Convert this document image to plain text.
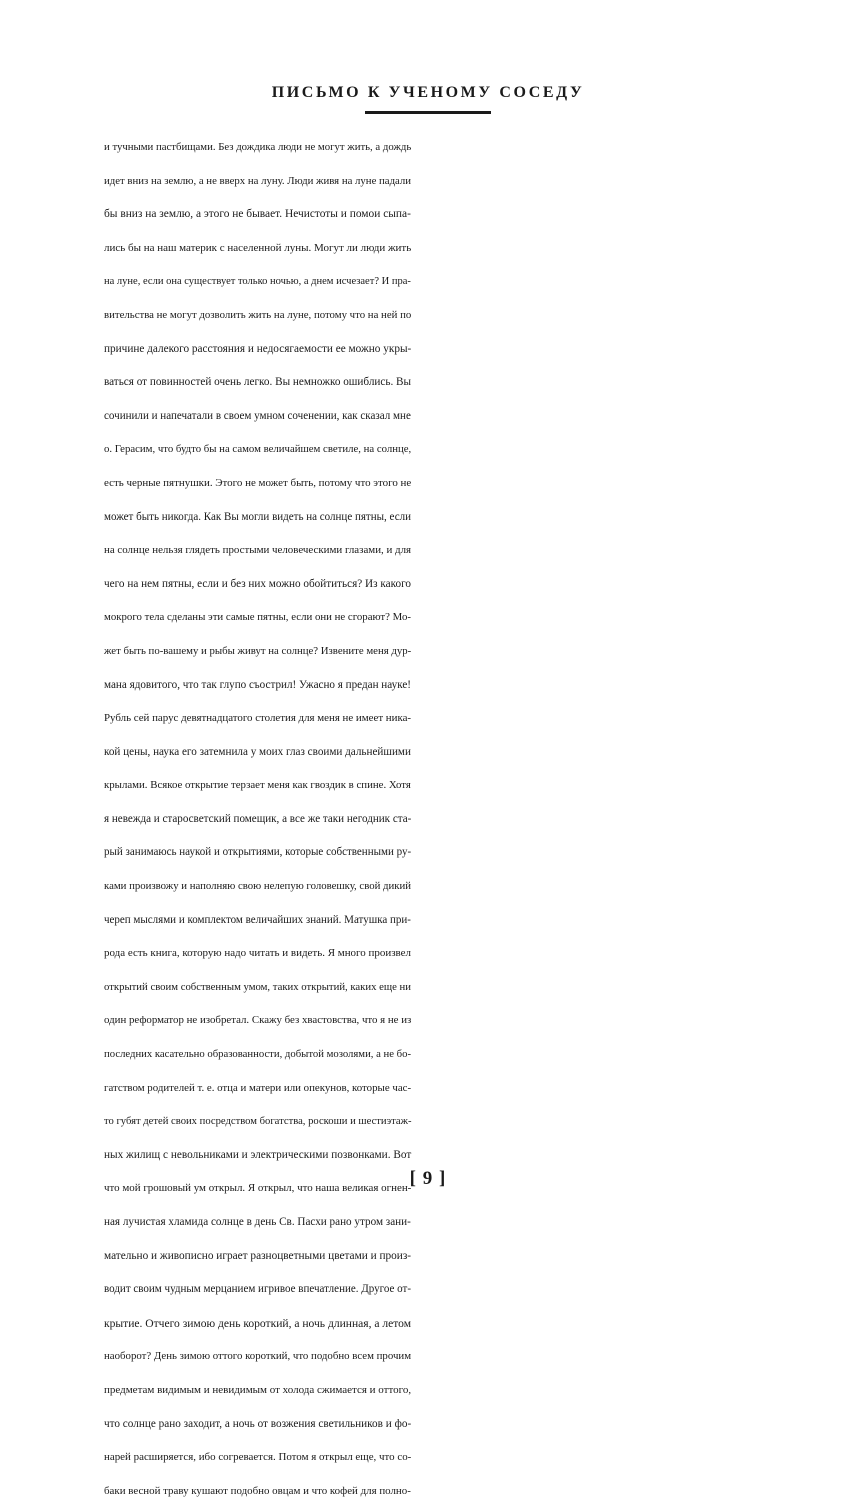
ПИСЬМО К УЧЕНОМУ СОСЕДУ
и тучными пастбищами. Без дождика люди не могут жить, а дождь
идет вниз на землю, а не вверх на луну. Люди живя на луне падали
бы вниз на землю, а этого не бывает. Нечистоты и помои сыпа-
лись бы на наш материк с населенной луны. Могут ли люди жить
на луне, если она существует только ночью, а днем исчезает? И пра-
вительства не могут дозволить жить на луне, потому что на ней по
причине далекого расстояния и недосягаемости ее можно укры-
ваться от повинностей очень легко. Вы немножко ошиблись. Вы
сочинили и напечатали в своем умном соченении, как сказал мне
о. Герасим, что будто бы на самом величайшем светиле, на солнце,
есть черные пятнушки. Этого не может быть, потому что этого не
может быть никогда. Как Вы могли видеть на солнце пятны, если
на солнце нельзя глядеть простыми человеческими глазами, и для
чего на нем пятны, если и без них можно обойтиться? Из какого
мокрого тела сделаны эти самые пятны, если они не сгорают? Мо-
жет быть по-вашему и рыбы живут на солнце? Извените меня дур-
мана ядовитого, что так глупо съострил! Ужасно я предан науке!
Рубль сей парус девятнадцатого столетия для меня не имеет ника-
кой цены, наука его затемнила у моих глаз своими дальнейшими
крылами. Всякое открытие терзает меня как гвоздик в спине. Хотя
я невежда и старосветский помещик, а все же таки негодник ста-
рый занимаюсь наукой и открытиями, которые собственными ру-
ками произвожу и наполняю свою нелепую головешку, свой дикий
череп мыслями и комплектом величайших знаний. Матушка при-
рода есть книга, которую надо читать и видеть. Я много произвел
открытий своим собственным умом, таких открытий, каких еще ни
один реформатор не изобретал. Скажу без хвастовства, что я не из
последних касательно образованности, добытой мозолями, а не бо-
гатством родителей т. е. отца и матери или опекунов, которые час-
то губят детей своих посредством богатства, роскоши и шестиэтаж-
ных жилищ с невольниками и электрическими позвонками. Вот
что мой грошовый ум открыл. Я открыл, что наша великая огнен-
ная лучистая хламида солнце в день Св. Пасхи рано утром зани-
мательно и живописно играет разноцветными цветами и произ-
водит своим чудным мерцанием игривое впечатление. Другое от-
крытие. Отчего зимою день короткий, а ночь длинная, а летом
наоборот? День зимою оттого короткий, что подобно всем прочим
предметам видимым и невидимым от холода сжимается и оттого,
что солнце рано заходит, а ночь от возжения светильников и фо-
нарей расширяется, ибо согревается. Потом я открыл еще, что со-
баки весной траву кушают подобно овцам и что кофей для полно-
[ 9 ]
